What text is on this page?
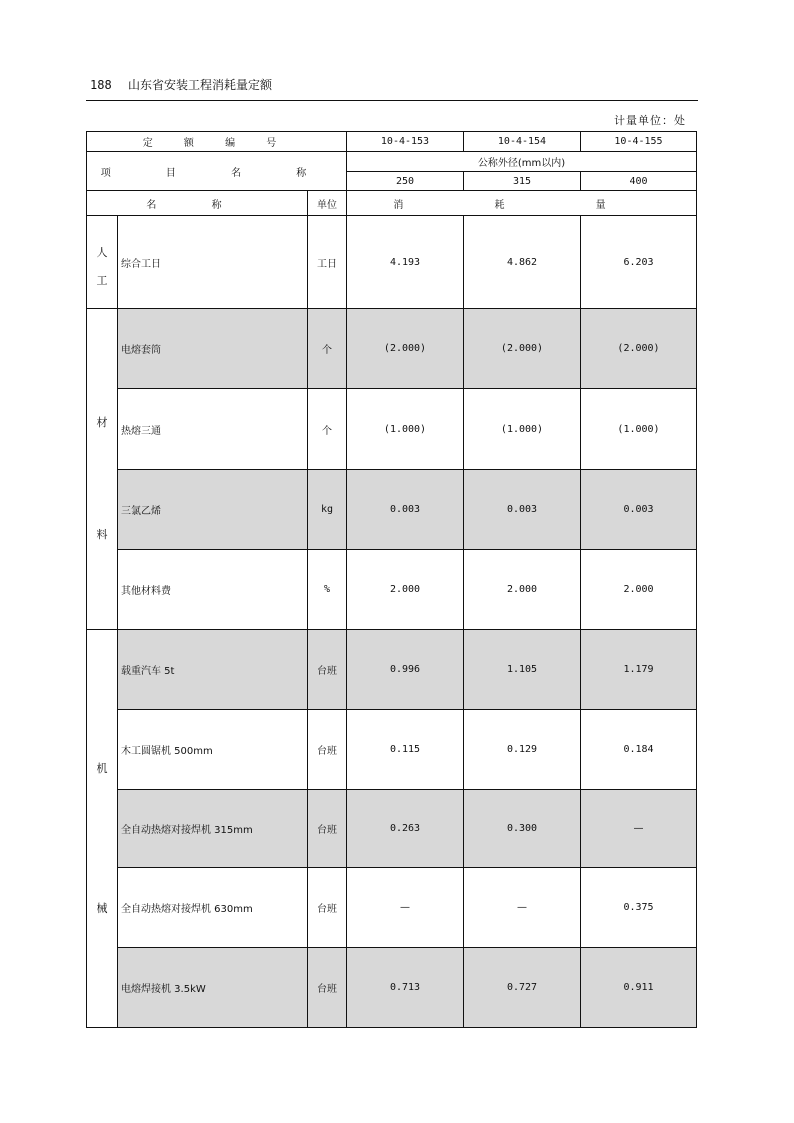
188 山东省安装工程消耗量定额
计量单位：处
定 额 编 号			10-4-153	10-4-154	10-4-155
项 目 名 称			公称外径(mm以内)		
			250	315	400
名 称		单位	消 耗 量		

人
工	综合工日	工日	4.193	4.862	6.203

材
料	电熔套筒	个	(2.000)	(2.000)	(2.000)
	热熔三通	个	(1.000)	(1.000)	(1.000)
	三氯乙烯	kg	0.003	0.003	0.003
	其他材料费	%	2.000	2.000	2.000

机
械	载重汽车 5t	台班	0.996	1.105	1.179
	木工圆锯机 500mm	台班	0.115	0.129	0.184
	全自动热熔对接焊机 315mm	台班	0.263	0.300	—
	全自动热熔对接焊机 630mm	台班	—	—	0.375
	电熔焊接机 3.5kW	台班	0.713	0.727	0.911
